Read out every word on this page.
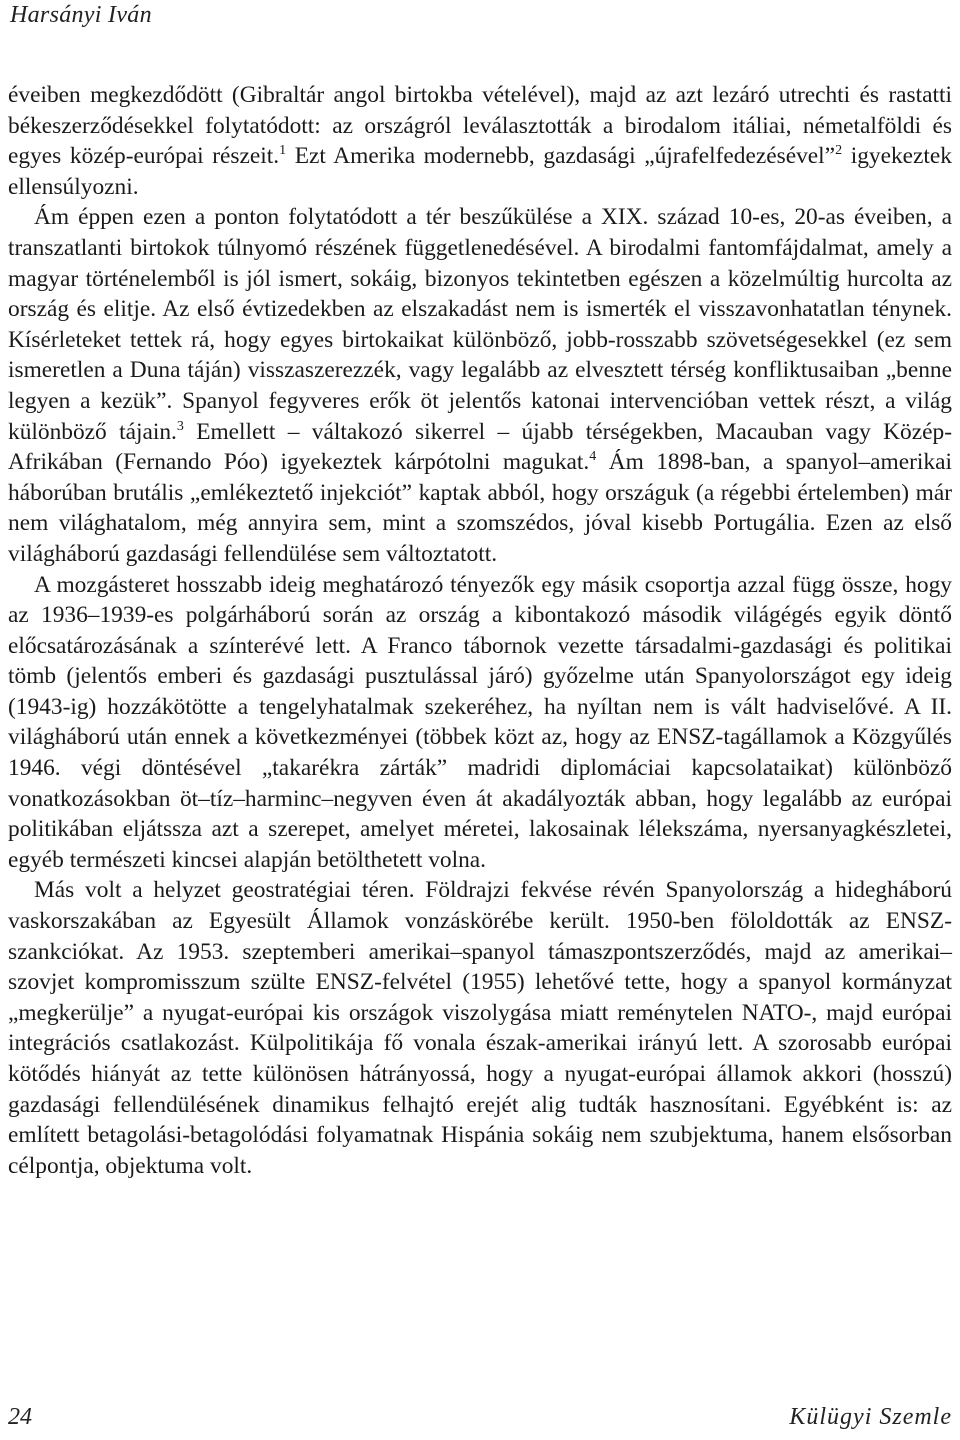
Harsányi Iván

éveiben megkezdődött (Gibraltár angol birtokba vételével), majd az azt lezáró utrechti és rastatti békeszerződésekkel folytatódott: az országról leválasztották a birodalom itáliai, németalföldi és egyes közép-európai részeit.$^1$ Ezt Amerika modernebb, gazdasági „újrafelfedezésével”$^2$ igyekeztek ellensúlyozni.

Ám éppen ezen a ponton folytatódott a tér beszűkülése a XIX. század 10-es, 20-as éveiben, a transzatlanti birtokok túlnyomó részének függetlenedésével. A birodalmi fantomfájdalmat, amely a magyar történelemből is jól ismert, sokáig, bizonyos tekintetben egészen a közelmúltig hurcolta az ország és elitje. Az első évtizedekben az elszakadást nem is ismerték el visszavonhatatlan ténynek. Kísérleteket tettek rá, hogy egyes birtokaikat különböző, jobb-rosszabb szövetségesekkel (ez sem ismeretlen a Duna táján) visszaszerezzék, vagy legalább az elvesztett térség konfliktusaiban „benne legyen a kezük”. Spanyol fegyveres erők öt jelentős katonai intervencióban vettek részt, a világ különböző tájain.$^3$ Emellett – váltakozó sikerrel – újabb térségekben, Macauban vagy Közép-Afrikában (Fernando Póo) igyekeztek kárpótolni magukat.$^4$ Ám 1898-ban, a spanyol–amerikai háborúban brutális „emlékeztető injekciót” kaptak abból, hogy országuk (a régebbi értelemben) már nem világhatalom, még annyira sem, mint a szomszédos, jóval kisebb Portugália. Ezen az első világháború gazdasági fellendülése sem változtatott.

A mozgásteret hosszabb ideig meghatározó tényezők egy másik csoportja azzal függ össze, hogy az 1936–1939-es polgárháború során az ország a kibontakozó második világégés egyik döntő előcsatározásának a színterévé lett. A Franco tábornok vezette társadalmi-gazdasági és politikai tömb (jelentős emberi és gazdasági pusztulással járó) győzelme után Spanyolországot egy ideig (1943-ig) hozzákötötte a tengelyhatalmak szekeréhez, ha nyíltan nem is vált hadviselővé. A II. világháború után ennek a következményei (többek közt az, hogy az ENSZ-tagállamok a Közgyűlés 1946. végi döntésével „takarékra zárták” madridi diplomáciai kapcsolataikat) különböző vonatkozásokban öt–tíz–harminc–negyven éven át akadályozták abban, hogy legalább az európai politikában eljátssza azt a szerepet, amelyet méretei, lakosainak lélekszáma, nyersanyagkészletei, egyéb természeti kincsei alapján betölthetett volna.

Más volt a helyzet geostratégiai téren. Földrajzi fekvése révén Spanyolország a hidegháború vaskorszakában az Egyesült Államok vonzáskörébe került. 1950-ben föloldották az ENSZ-szankciókat. Az 1953. szeptemberi amerikai–spanyol támaszpontszerződés, majd az amerikai–szovjet kompromisszum szülte ENSZ-felvétel (1955) lehetővé tette, hogy a spanyol kormányzat „megkerülje” a nyugat-európai kis országok viszolygása miatt reménytelen NATO-, majd európai integrációs csatlakozást. Külpolitikája fő vonala észak-amerikai irányú lett. A szorosabb európai kötődés hiányát az tette különösen hátrányossá, hogy a nyugat-európai államok akkori (hosszú) gazdasági fellendülésének dinamikus felhajtó erejét alig tudták hasznosítani. Egyébként is: az említett betagolási-betagolódási folyamatnak Hispánia sokáig nem szubjektuma, hanem elsősorban célpontja, objektuma volt.

24	Külügyi Szemle
